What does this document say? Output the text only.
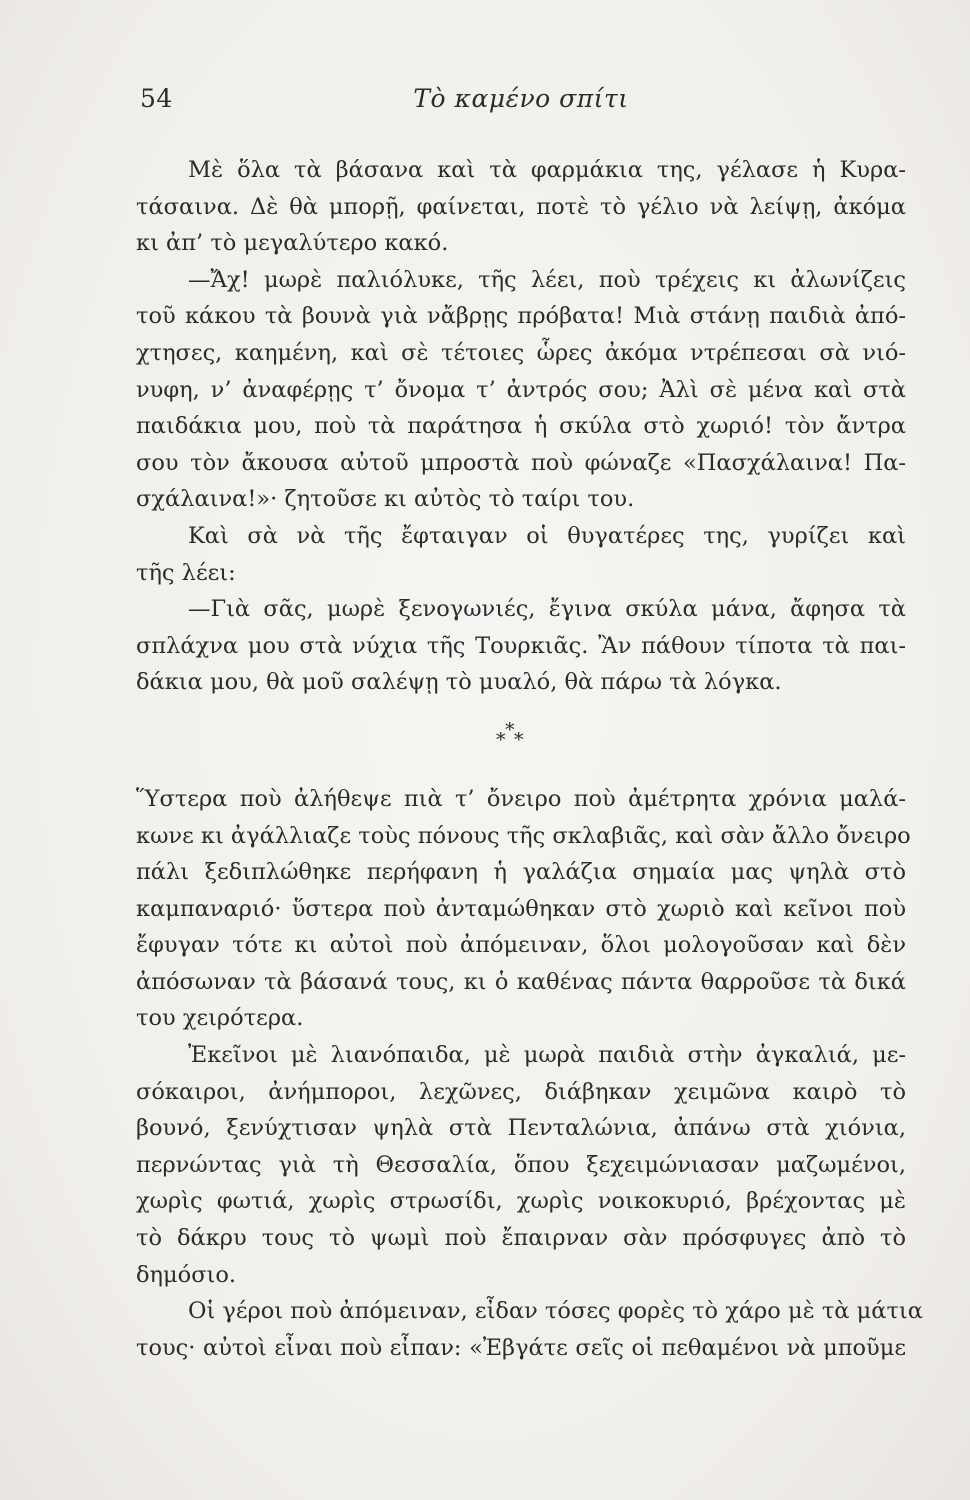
54	Τὸ καμένο σπίτι
Μὲ ὅλα τὰ βάσανα καὶ τὰ φαρμάκια της, γέλασε ἡ Κυρα-
τάσαινα. Δὲ θὰ μπορῇ, φαίνεται, ποτὲ τὸ γέλιο νὰ λείψῃ, ἀκόμα
κι ἀπ’ τὸ μεγαλύτερο κακό.
—Ἄχ! μωρὲ παλιόλυκε, τῆς λέει, ποὺ τρέχεις κι ἀλωνίζεις
τοῦ κάκου τὰ βουνὰ γιὰ νἄβρῃς πρόβατα! Μιὰ στάνῃ παιδιὰ ἀπό-
χτησες, καημένη, καὶ σὲ τέτοιες ὧρες ἀκόμα ντρέπεσαι σὰ νιό-
νυφη, ν’ ἀναφέρῃς τ’ ὄνομα τ’ ἀντρός σου; Ἀλὶ σὲ μένα καὶ στὰ
παιδάκια μου, ποὺ τὰ παράτησα ἡ σκύλα στὸ χωριό! τὸν ἄντρα
σου τὸν ἄκουσα αὐτοῦ μπροστὰ ποὺ φώναζε «Πασχάλαινα! Πα-
σχάλαινα!»· ζητοῦσε κι αὐτὸς τὸ ταίρι του.
Καὶ σὰ νὰ τῆς ἔφταιγαν οἱ θυγατέρες της, γυρίζει καὶ
τῆς λέει:
—Γιὰ σᾶς, μωρὲ ξενογωνιές, ἔγινα σκύλα μάνα, ἄφησα τὰ
σπλάχνα μου στὰ νύχια τῆς Τουρκιᾶς. Ἂν πάθουν τίποτα τὰ παι-
δάκια μου, θὰ μοῦ σαλέψῃ τὸ μυαλό, θὰ πάρω τὰ λόγκα.
*
* *
Ὕστερα ποὺ ἀλήθεψε πιὰ τ’ ὄνειρο ποὺ ἀμέτρητα χρόνια μαλά-
κωνε κι ἀγάλλιαζε τοὺς πόνους τῆς σκλαβιᾶς, καὶ σὰν ἄλλο ὄνειρο
πάλι ξεδιπλώθηκε περήφανη ἡ γαλάζια σημαία μας ψηλὰ στὸ
καμπαναριό· ὕστερα ποὺ ἀνταμώθηκαν στὸ χωριὸ καὶ κεῖνοι ποὺ
ἔφυγαν τότε κι αὐτοὶ ποὺ ἀπόμειναν, ὅλοι μολογοῦσαν καὶ δὲν
ἀπόσωναν τὰ βάσανά τους, κι ὁ καθένας πάντα θαρροῦσε τὰ δικά
του χειρότερα.
Ἐκεῖνοι μὲ λιανόπαιδα, μὲ μωρὰ παιδιὰ στὴν ἀγκαλιά, με-
σόκαιροι, ἀνήμποροι, λεχῶνες, διάβηκαν χειμῶνα καιρὸ τὸ
βουνό, ξενύχτισαν ψηλὰ στὰ Πενταλώνια, ἀπάνω στὰ χιόνια,
περνώντας γιὰ τὴ Θεσσαλία, ὅπου ξεχειμώνιασαν μαζωμένοι,
χωρὶς φωτιά, χωρὶς στρωσίδι, χωρὶς νοικοκυριό, βρέχοντας μὲ
τὸ δάκρυ τους τὸ ψωμὶ ποὺ ἔπαιρναν σὰν πρόσφυγες ἀπὸ τὸ
δημόσιο.
Οἱ γέροι ποὺ ἀπόμειναν, εἶδαν τόσες φορὲς τὸ χάρο μὲ τὰ μάτια
τους· αὐτοὶ εἶναι ποὺ εἶπαν: «Ἐβγάτε σεῖς οἱ πεθαμένοι νὰ μποῦμε
